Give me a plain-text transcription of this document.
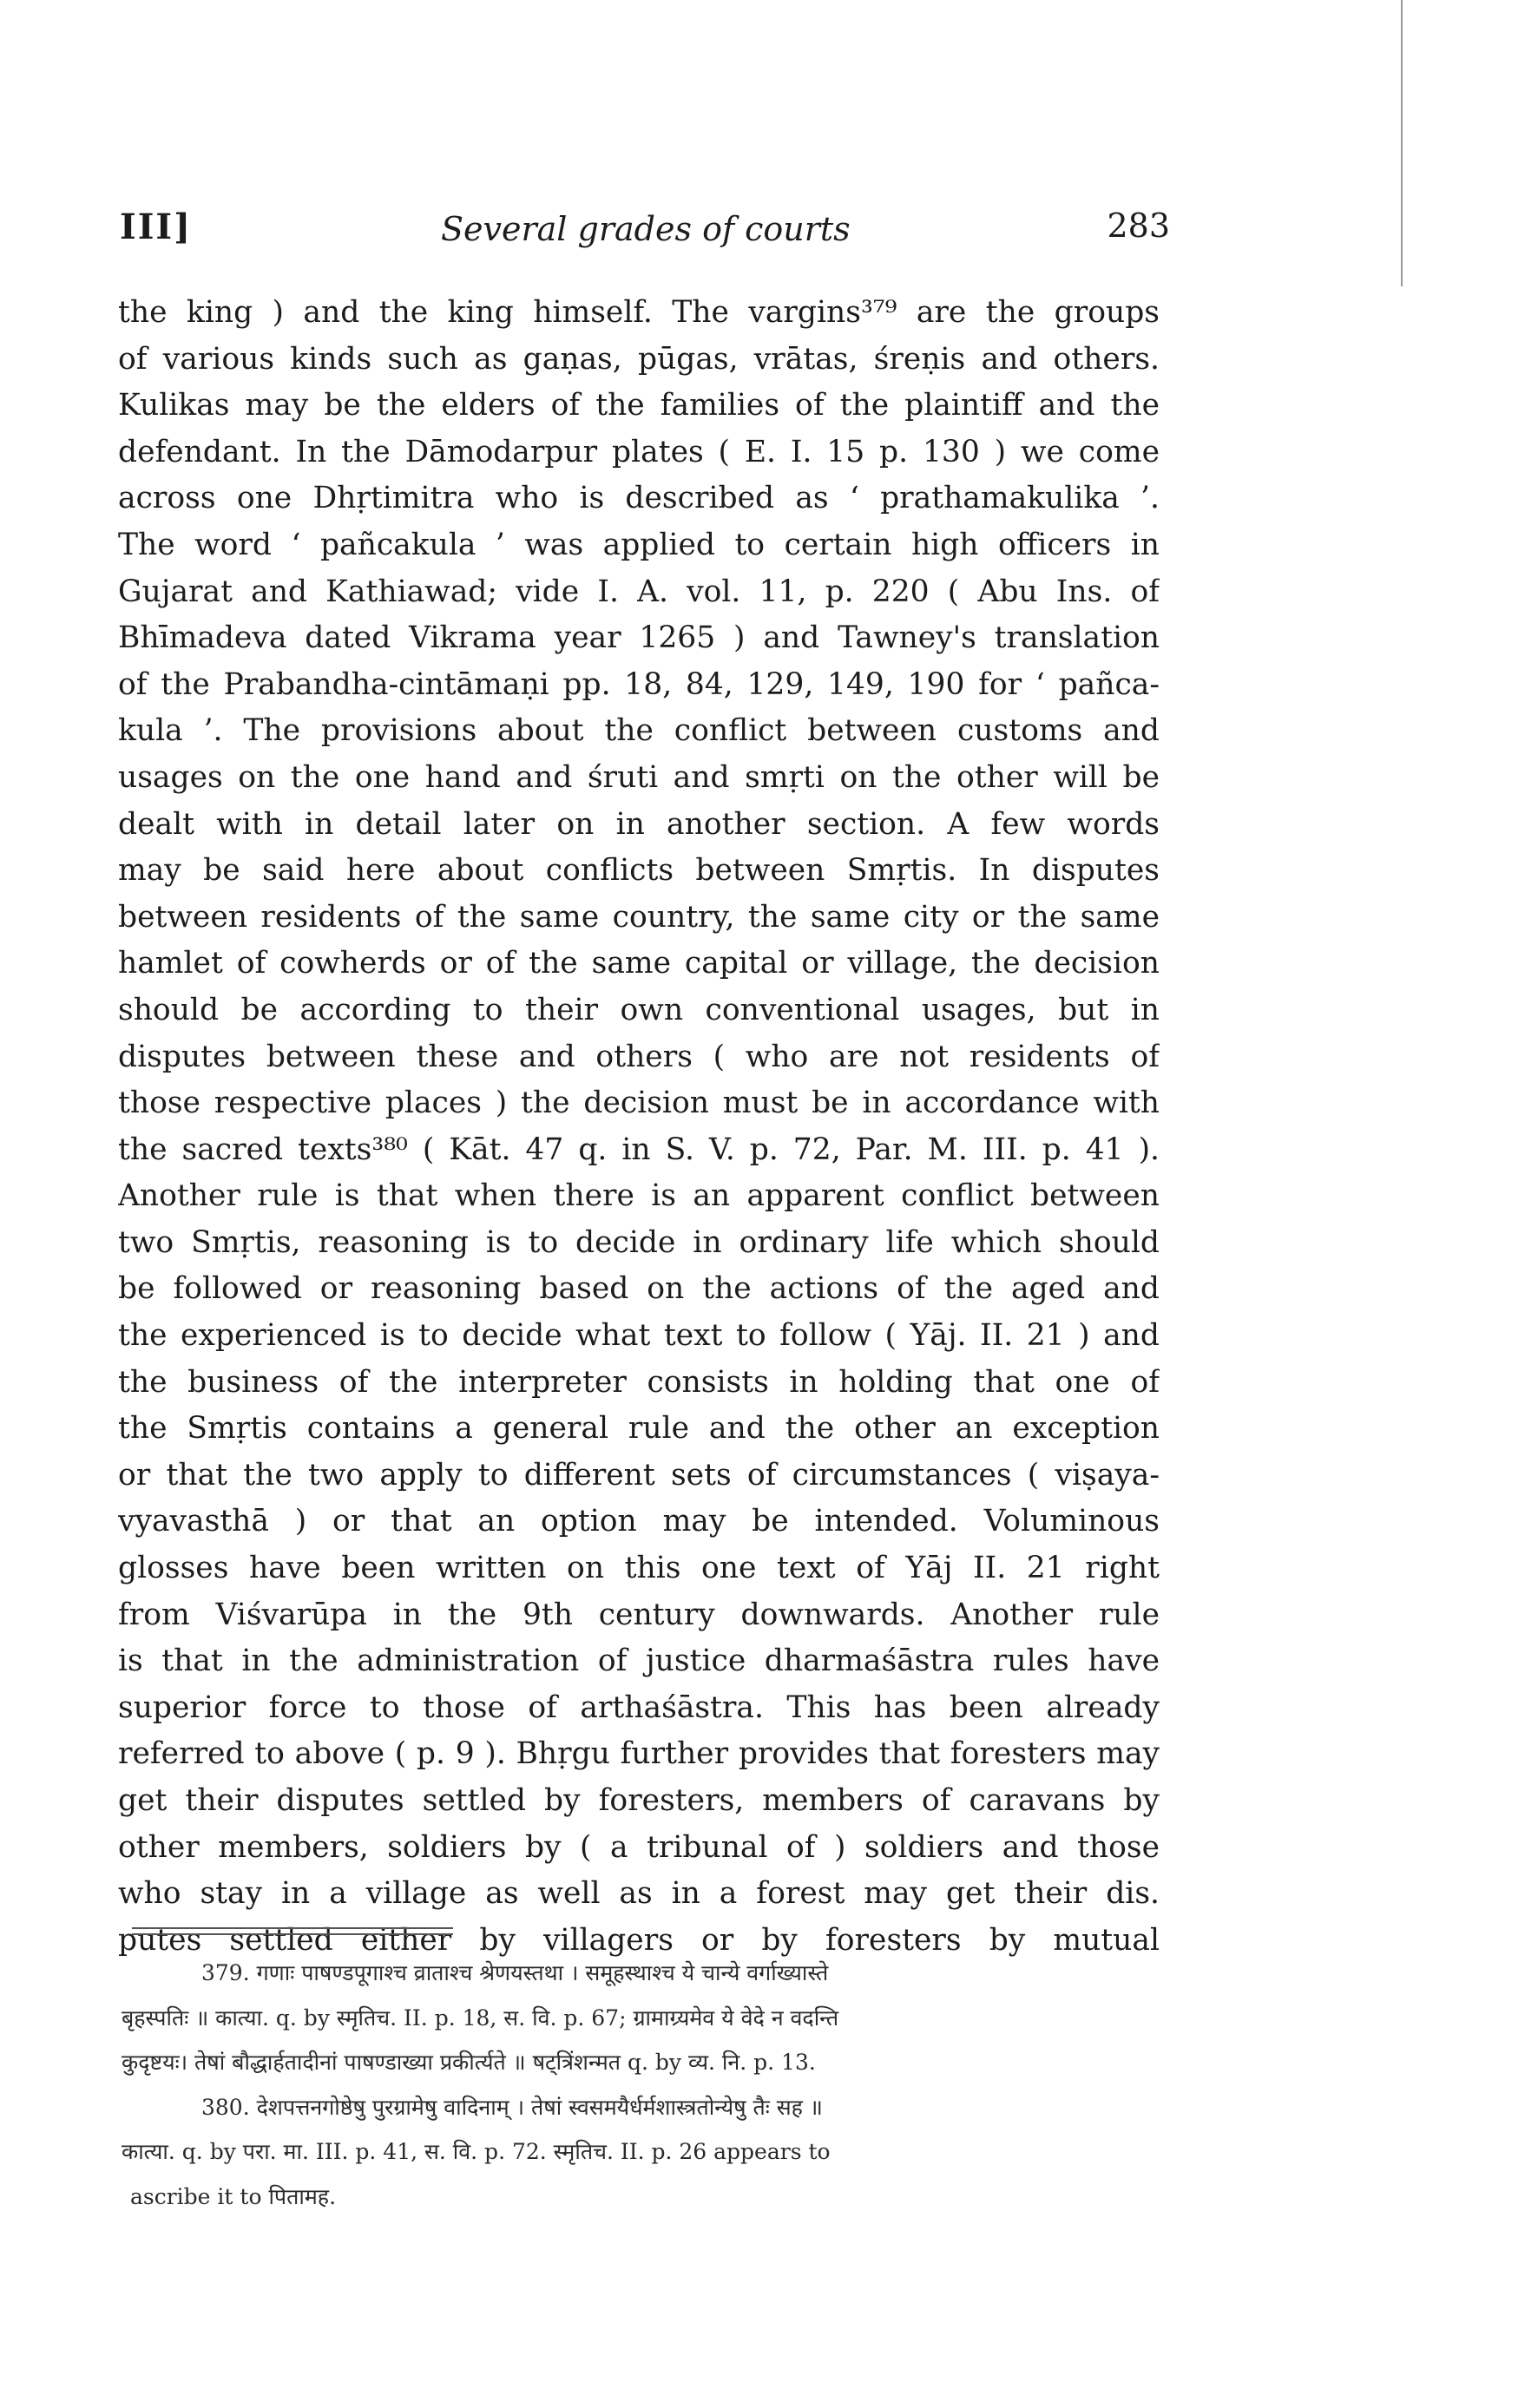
III]	Several grades of courts	283
the king ) and the king himself. The vargins³⁷⁹ are the groups
of various kinds such as gaṇas, pūgas, vrātas, śreṇis and others.
Kulikas may be the elders of the families of the plaintiff and the
defendant. In the Dāmodarpur plates ( E. I. 15 p. 130 ) we come
across one Dhṛtimitra who is described as ‘ prathamakulika ’.
The word ‘ pañcakula ’ was applied to certain high officers in
Gujarat and Kathiawad; vide I. A. vol. 11, p. 220 ( Abu Ins. of
Bhīmadeva dated Vikrama year 1265 ) and Tawney's translation
of the Prabandha-cintāmaṇi pp. 18, 84, 129, 149, 190 for ‘ pañca-
kula ’. The provisions about the conflict between customs and
usages on the one hand and śruti and smṛti on the other will be
dealt with in detail later on in another section. A few words
may be said here about conflicts between Smṛtis. In disputes
between residents of the same country, the same city or the same
hamlet of cowherds or of the same capital or village, the decision
should be according to their own conventional usages, but in
disputes between these and others ( who are not residents of
those respective places ) the decision must be in accordance with
the sacred texts³⁸⁰ ( Kāt. 47 q. in S. V. p. 72, Par. M. III. p. 41 ).
Another rule is that when there is an apparent conflict between
two Smṛtis, reasoning is to decide in ordinary life which should
be followed or reasoning based on the actions of the aged and
the experienced is to decide what text to follow ( Yāj. II. 21 ) and
the business of the interpreter consists in holding that one of
the Smṛtis contains a general rule and the other an exception
or that the two apply to different sets of circumstances ( viṣaya-
vyavasthā ) or that an option may be intended. Voluminous
glosses have been written on this one text of Yāj II. 21 right
from Viśvarūpa in the 9th century downwards. Another rule
is that in the administration of justice dharmaśāstra rules have
superior force to those of arthaśāstra. This has been already
referred to above ( p. 9 ). Bhṛgu further provides that foresters may
get their disputes settled by foresters, members of caravans by
other members, soldiers by ( a tribunal of ) soldiers and those
who stay in a village as well as in a forest may get their dis.
putes settled either by villagers or by foresters by mutual
379. गणाः पाषण्डपूगाश्च व्राताश्च श्रेणयस्तथा । समूहस्थाश्च ये चान्ये वर्गाख्यास्ते
बृहस्पतिः ॥ कात्या. q. by स्मृतिच. II. p. 18, स. वि. p. 67; ग्रामाग्र्यमेव ये वेदे न वदन्ति
कुदृष्टयः। तेषां बौद्धार्हतादीनां पाषण्डाख्या प्रकीर्त्यते ॥ षट्त्रिंशन्मत q. by व्य. नि. p. 13.
380. देशपत्तनगोष्ठेषु पुरग्रामेषु वादिनाम् । तेषां स्वसमयैर्धर्मशास्त्रतोन्येषु तैः सह ॥
कात्या. q. by परा. मा. III. p. 41, स. वि. p. 72. स्मृतिच. II. p. 26 appears to
ascribe it to पितामह.
